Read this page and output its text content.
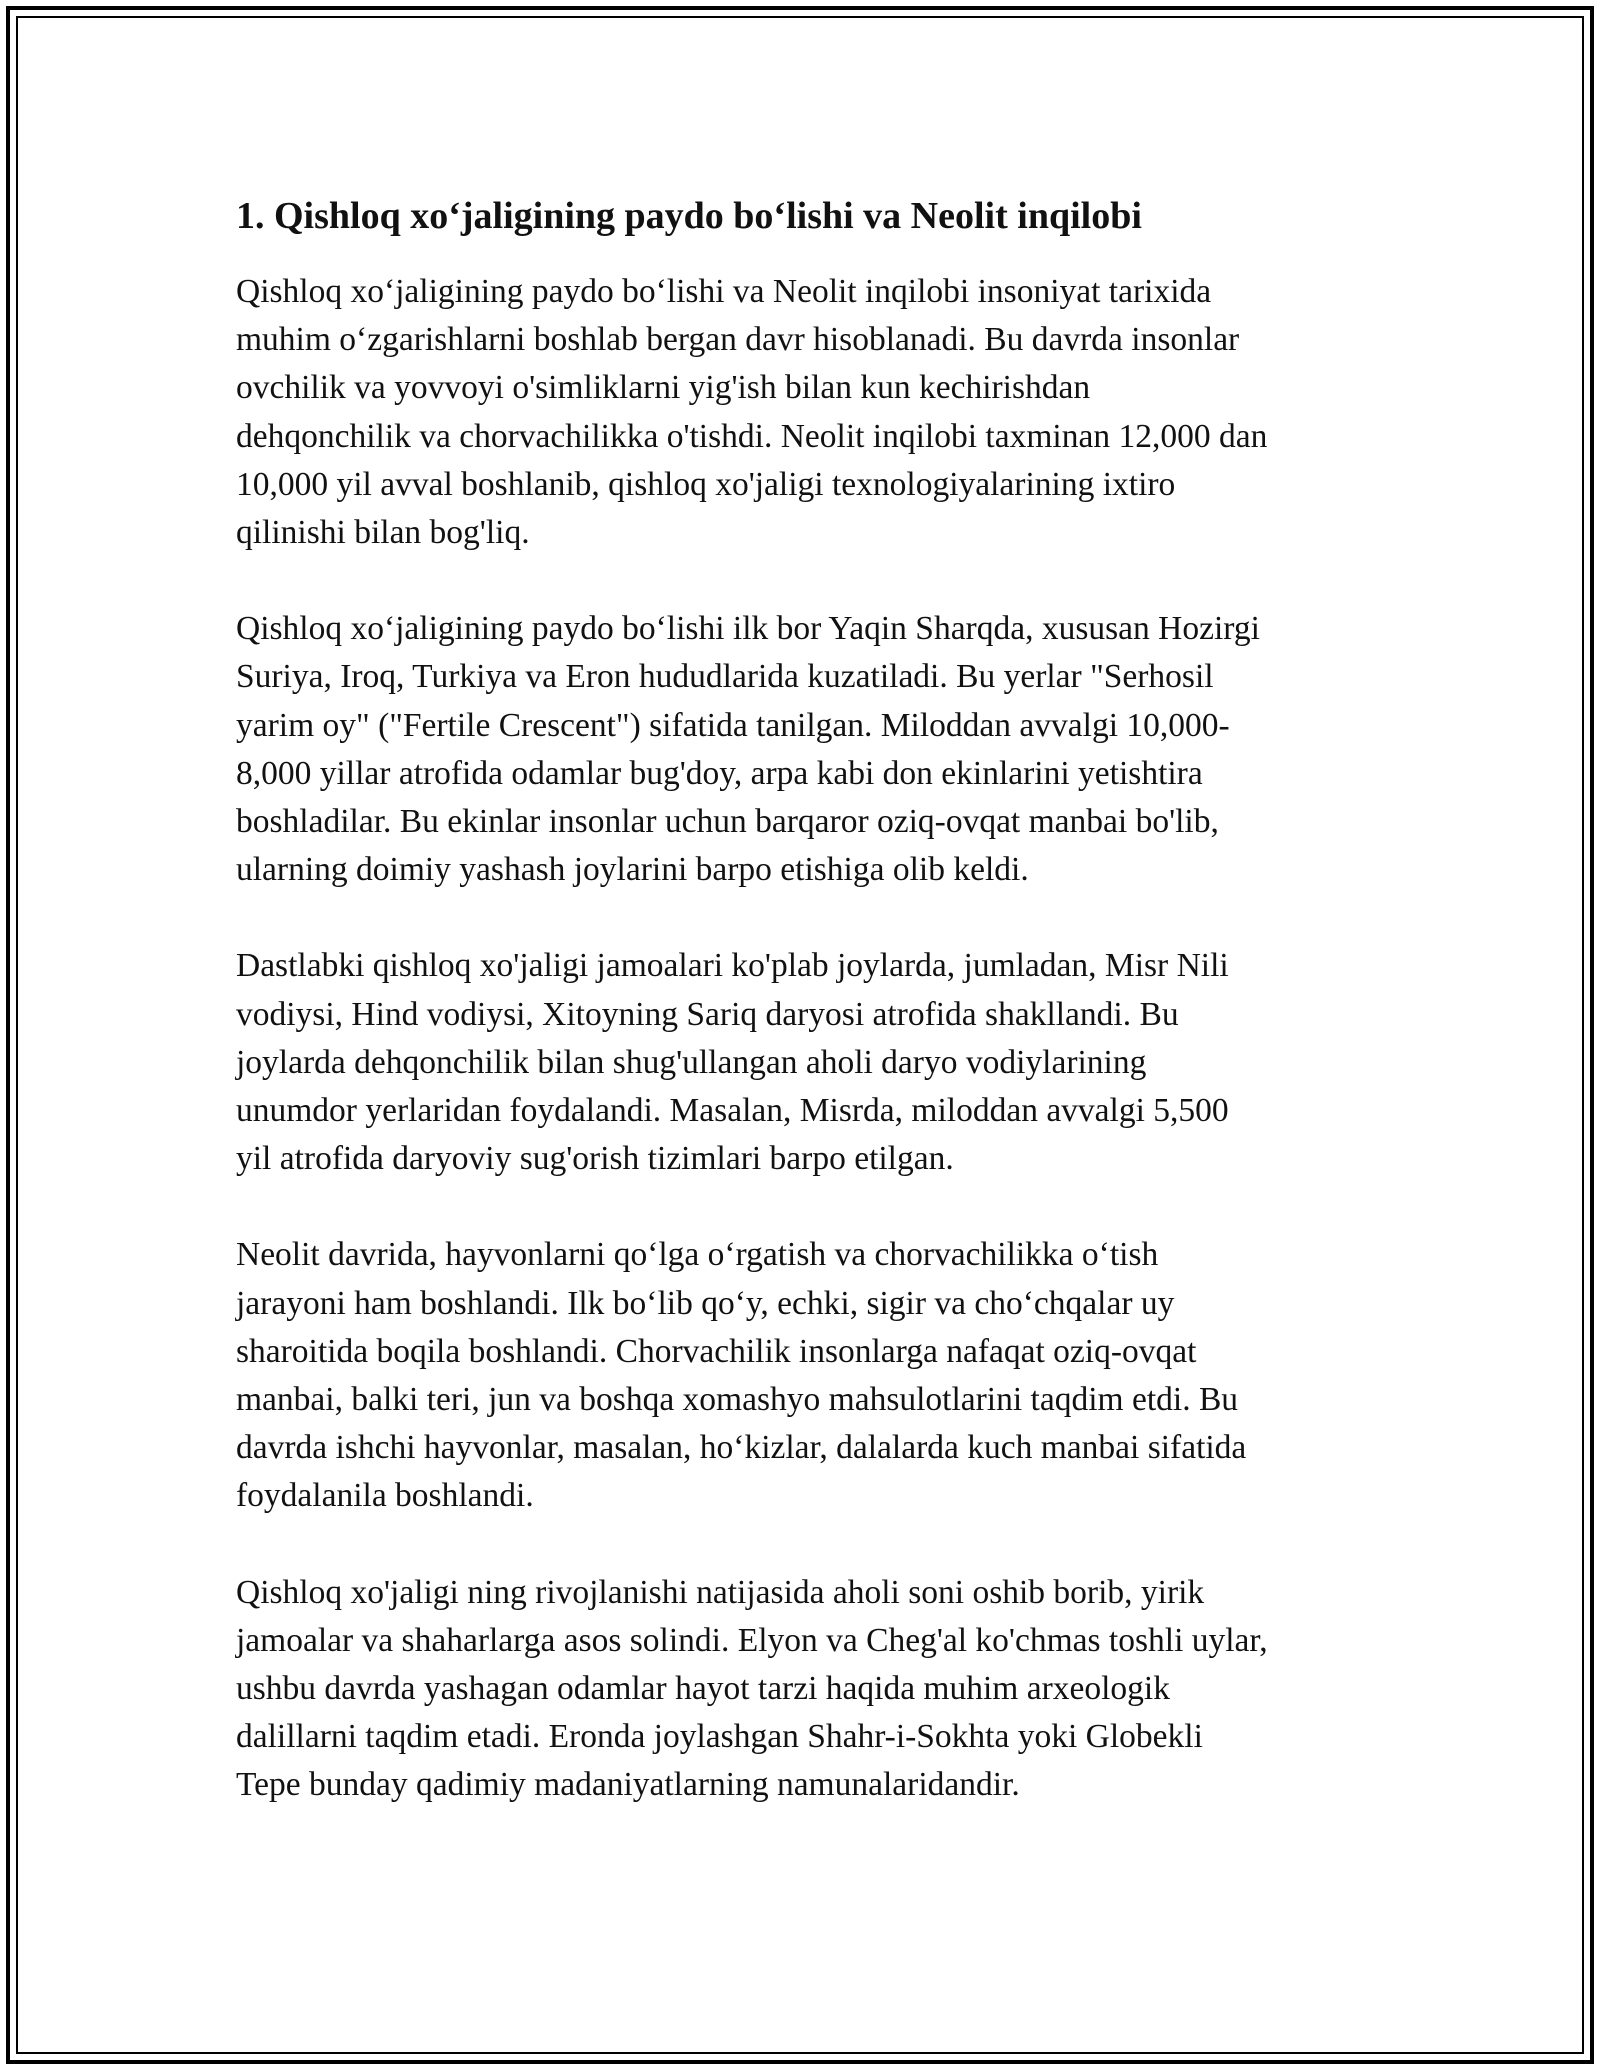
1. Qishloq xo‘jaligining paydo bo‘lishi va Neolit inqilobi

Qishloq xo‘jaligining paydo bo‘lishi va Neolit inqilobi insoniyat tarixida
muhim o‘zgarishlarni boshlab bergan davr hisoblanadi. Bu davrda insonlar
ovchilik va yovvoyi o'simliklarni yig'ish bilan kun kechirishdan
dehqonchilik va chorvachilikka o'tishdi. Neolit inqilobi taxminan 12,000 dan
10,000 yil avval boshlanib, qishloq xo'jaligi texnologiyalarining ixtiro
qilinishi bilan bog'liq.

Qishloq xo‘jaligining paydo bo‘lishi ilk bor Yaqin Sharqda, xususan Hozirgi
Suriya, Iroq, Turkiya va Eron hududlarida kuzatiladi. Bu yerlar "Serhosil
yarim oy" ("Fertile Crescent") sifatida tanilgan. Miloddan avvalgi 10,000-
8,000 yillar atrofida odamlar bug'doy, arpa kabi don ekinlarini yetishtira
boshladilar. Bu ekinlar insonlar uchun barqaror oziq-ovqat manbai bo'lib,
ularning doimiy yashash joylarini barpo etishiga olib keldi.

Dastlabki qishloq xo'jaligi jamoalari ko'plab joylarda, jumladan, Misr Nili
vodiysi, Hind vodiysi, Xitoyning Sariq daryosi atrofida shakllandi. Bu
joylarda dehqonchilik bilan shug'ullangan aholi daryo vodiylarining
unumdor yerlaridan foydalandi. Masalan, Misrda, miloddan avvalgi 5,500
yil atrofida daryoviy sug'orish tizimlari barpo etilgan.

Neolit davrida, hayvonlarni qo‘lga o‘rgatish va chorvachilikka o‘tish
jarayoni ham boshlandi. Ilk bo‘lib qo‘y, echki, sigir va cho‘chqalar uy
sharoitida boqila boshlandi. Chorvachilik insonlarga nafaqat oziq-ovqat
manbai, balki teri, jun va boshqa xomashyo mahsulotlarini taqdim etdi. Bu
davrda ishchi hayvonlar, masalan, ho‘kizlar, dalalarda kuch manbai sifatida
foydalanila boshlandi.

Qishloq xo'jaligi ning rivojlanishi natijasida aholi soni oshib borib, yirik
jamoalar va shaharlarga asos solindi. Elyon va Cheg'al ko'chmas toshli uylar,
ushbu davrda yashagan odamlar hayot tarzi haqida muhim arxeologik
dalillarni taqdim etadi. Eronda joylashgan Shahr-i-Sokhta yoki Globekli
Tepe bunday qadimiy madaniyatlarning namunalaridandir.
